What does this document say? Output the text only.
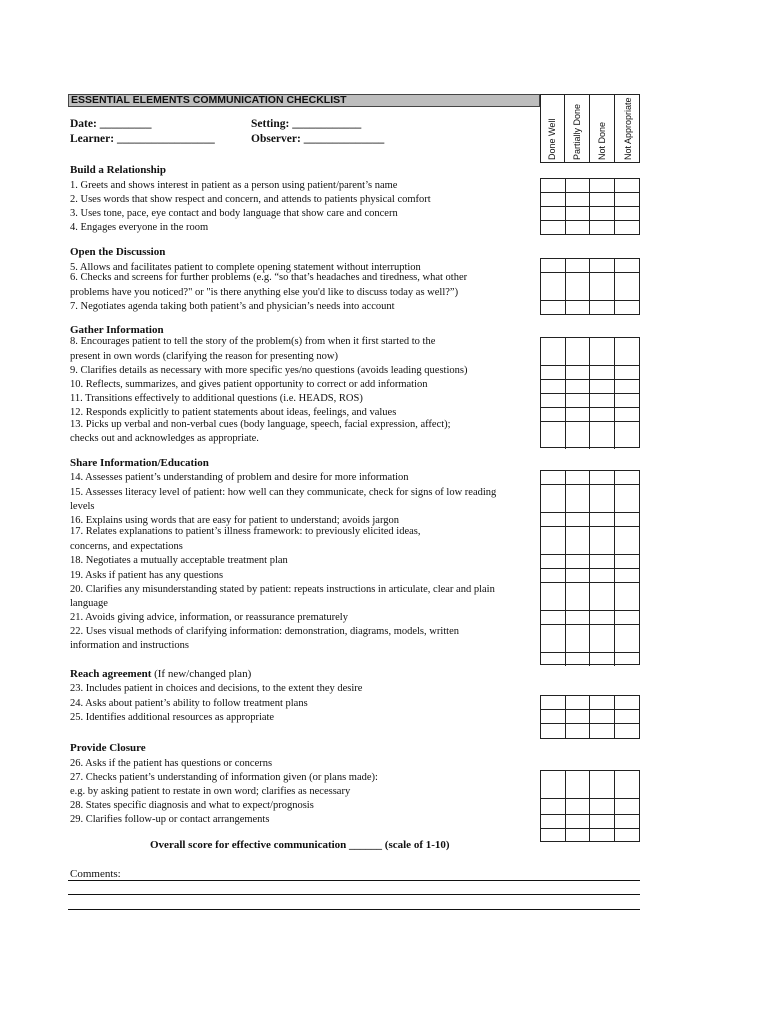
ESSENTIAL ELEMENTS COMMUNICATION CHECKLIST
Done Well Partially Done Not Done Not Appropriate
Date: _________
Learner: _________________
Setting: ____________
Observer: ______________
Build a Relationship
1. Greets and shows interest in patient as a person using patient/parent’s name
2. Uses words that show respect and concern, and attends to patients physical comfort
3. Uses tone, pace, eye contact and body language that show care and concern
4. Engages everyone in the room
Open the Discussion
5. Allows and facilitates patient to complete opening statement without interruption
6. Checks and screens for further problems (e.g. “so that’s headaches and tiredness, what other
problems have you noticed?" or "is there anything else you'd like to discuss today as well?”)
7. Negotiates agenda taking both patient’s and physician’s needs into account
Gather Information
8. Encourages patient to tell the story of the problem(s) from when it first started to the
present in own words (clarifying the reason for presenting now)
9. Clarifies details as necessary with more specific yes/no questions (avoids leading questions)
10. Reflects, summarizes, and gives patient opportunity to correct or add information
11. Transitions effectively to additional questions (i.e. HEADS, ROS)
12. Responds explicitly to patient statements about ideas, feelings, and values
13. Picks up verbal and non-verbal cues (body language, speech, facial expression, affect);
checks out and acknowledges as appropriate.
Share Information/Education
14. Assesses patient’s understanding of problem and desire for more information
15. Assesses literacy level of patient: how well can they communicate, check for signs of low reading
levels
16. Explains using words that are easy for patient to understand; avoids jargon
17. Relates explanations to patient’s illness framework: to previously elicited ideas,
concerns, and expectations
18. Negotiates a mutually acceptable treatment plan
19. Asks if patient has any questions
20. Clarifies any misunderstanding stated by patient: repeats instructions in articulate, clear and plain
language
21. Avoids giving advice, information, or reassurance prematurely
22. Uses visual methods of clarifying information: demonstration, diagrams, models, written
information and instructions
Reach agreement (If new/changed plan)
23. Includes patient in choices and decisions, to the extent they desire
24. Asks about patient’s ability to follow treatment plans
25. Identifies additional resources as appropriate
Provide Closure
26. Asks if the patient has questions or concerns
27. Checks patient’s understanding of information given (or plans made):
e.g. by asking patient to restate in own word; clarifies as necessary
28. States specific diagnosis and what to expect/prognosis
29. Clarifies follow-up or contact arrangements
Overall score for effective communication ______ (scale of 1-10)
Comments:
